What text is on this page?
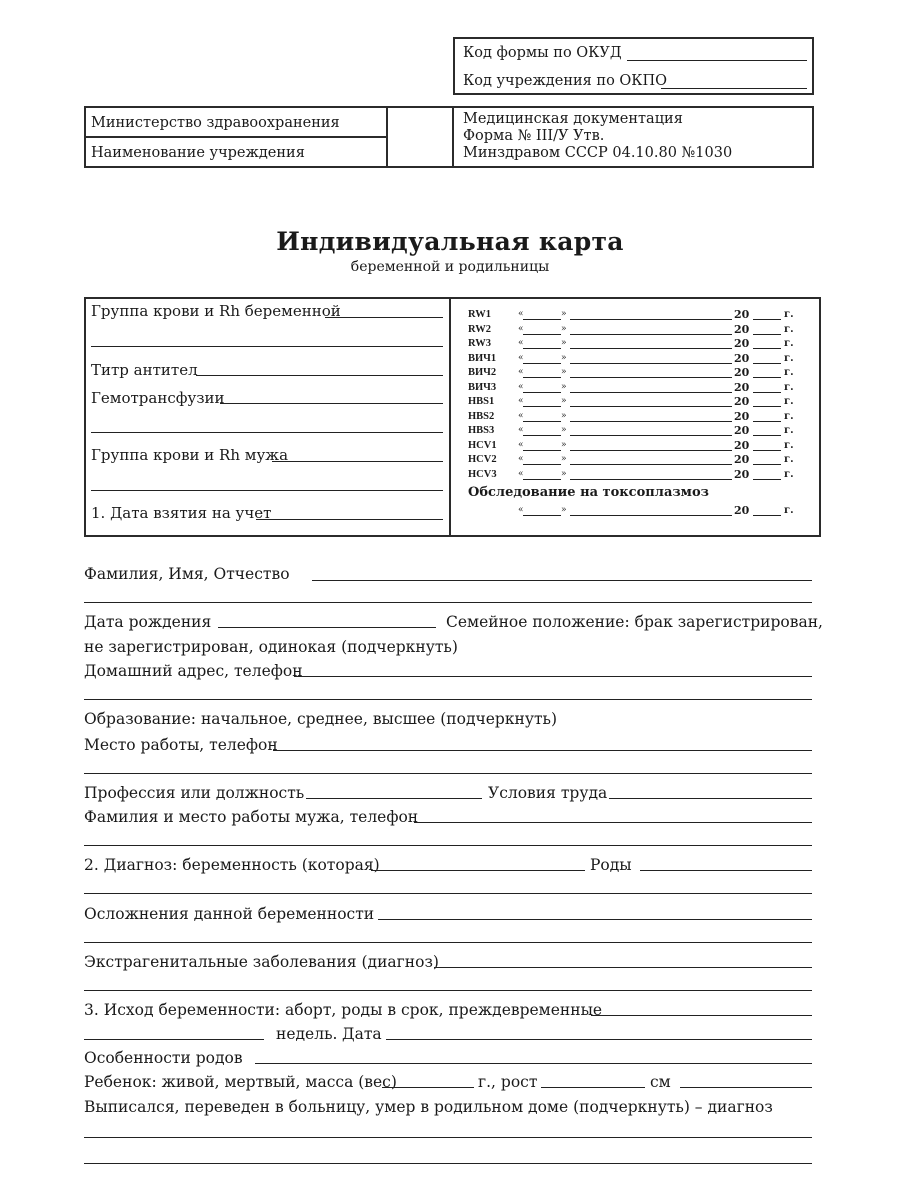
Код формы по ОКУД
Код учреждения по ОКПО
Министерство здравоохранения
Наименование учреждения
Медицинская документация
Форма № III/У Утв.
Минздравом СССР 04.10.80 №1030
Индивидуальная карта
беременной и родильницы
Группа крови и Rh беременной
Титр антител
Гемотрансфузии
Группа крови и Rh мужа
1. Дата взятия на учет
RW1	«	»	20	г.
RW2	«	»	20	г.
RW3	«	»	20	г.
ВИЧ1 «	»	20	г.
ВИЧ2 «	»	20	г.
ВИЧ3 «	»	20	г.
HBS1	«	»	20	г.
HBS2	«	»	20	г.
HBS3	«	»	20	г.
HCV1 «	»	20	г.
HCV2 «	»	20	г.
HCV3 «	»	20	г.
Обследование на токсоплазмоз
«	»	20	г.
Фамилия, Имя, Отчество
Дата рождения	Семейное положение: брак зарегистрирован,
не зарегистрирован, одинокая (подчеркнуть)
Домашний адрес, телефон
Образование: начальное, среднее, высшее (подчеркнуть)
Место работы, телефон
Профессия или должность	Условия труда
Фамилия и место работы мужа, телефон
2. Диагноз: беременность (которая)	Роды
Осложнения данной беременности
Экстрагенитальные заболевания (диагноз)
3. Исход беременности: аборт, роды в срок, преждевременные
недель. Дата
Особенности родов
Ребенок: живой, мертвый, масса (вес)	г., рост	см
Выписался, переведен в больницу, умер в родильном доме (подчеркнуть) – диагноз
